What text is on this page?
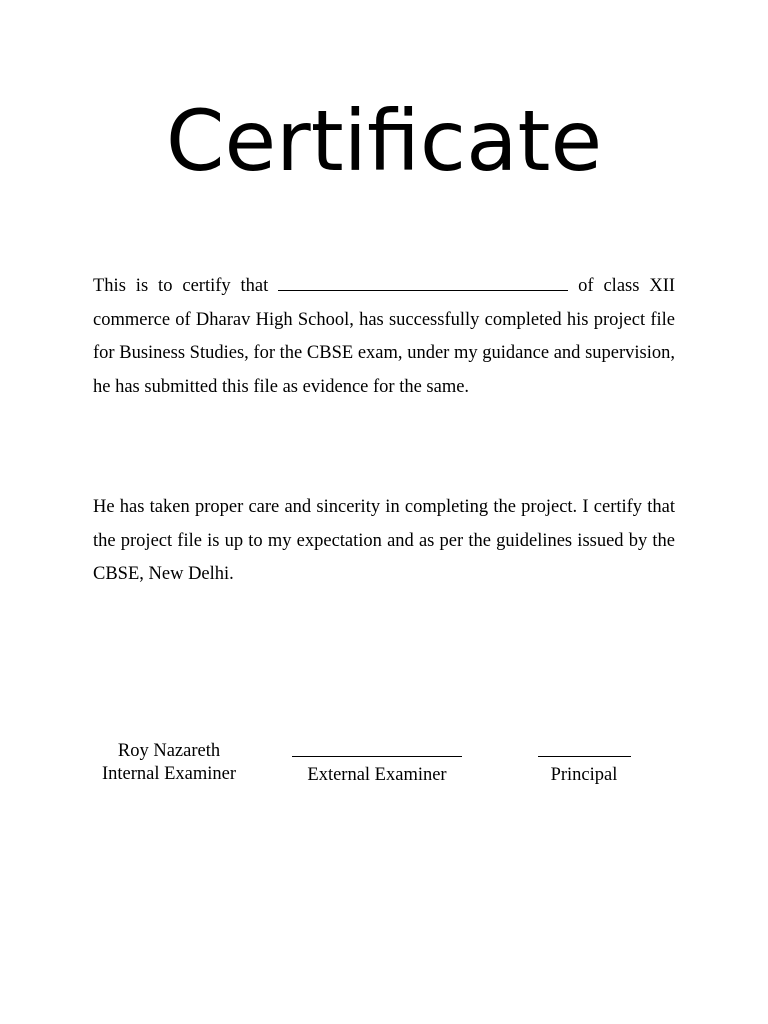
Certificate

This is to certify that	of class XII commerce of Dharav High School, has successfully completed his project file for Business Studies, for the CBSE exam, under my guidance and supervision, he has submitted this file as evidence for the same.

He has taken proper care and sincerity in completing the project. I certify that the project file is up to my expectation and as per the guidelines issued by the CBSE, New Delhi.

Roy Nazareth
Internal Examiner	External Examiner	Principal
